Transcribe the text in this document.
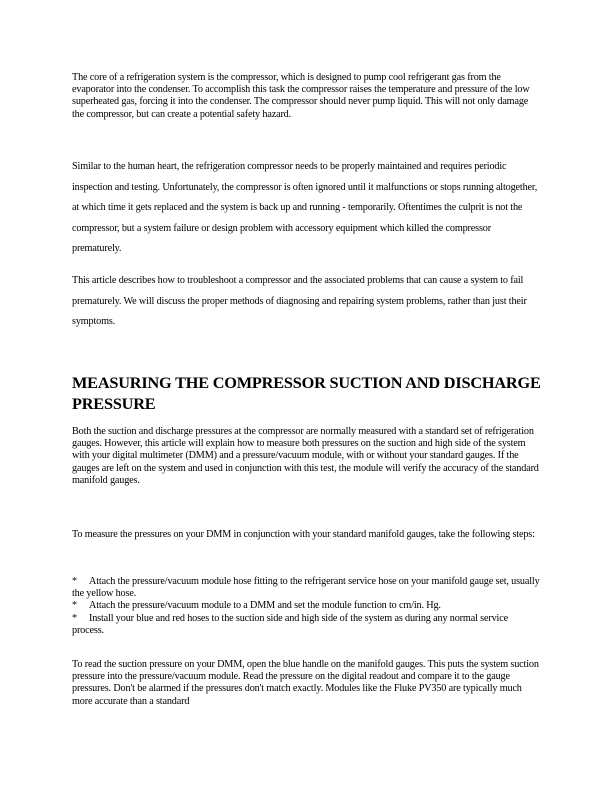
The core of a refrigeration system is the compressor, which is designed to pump cool refrigerant gas from the evaporator into the condenser. To accomplish this task the compressor raises the temperature and pressure of the low superheated gas, forcing it into the condenser. The compressor should never pump liquid. This will not only damage the compressor, but can create a potential safety hazard.

Similar to the human heart, the refrigeration compressor needs to be properly maintained and requires periodic inspection and testing. Unfortunately, the compressor is often ignored until it malfunctions or stops running altogether, at which time it gets replaced and the system is back up and running - temporarily. Oftentimes the culprit is not the compressor, but a system failure or design problem with accessory equipment which killed the compressor prematurely.

This article describes how to troubleshoot a compressor and the associated problems that can cause a system to fail prematurely. We will discuss the proper methods of diagnosing and repairing system problems, rather than just their symptoms.

MEASURING THE COMPRESSOR SUCTION AND DISCHARGE PRESSURE

Both the suction and discharge pressures at the compressor are normally measured with a standard set of refrigeration gauges. However, this article will explain how to measure both pressures on the suction and high side of the system with your digital multimeter (DMM) and a pressure/vacuum module, with or without your standard gauges. If the gauges are left on the system and used in conjunction with this test, the module will verify the accuracy of the standard manifold gauges.

To measure the pressures on your DMM in conjunction with your standard manifold gauges, take the following steps:

* Attach the pressure/vacuum module hose fitting to the refrigerant service hose on your manifold gauge set, usually the yellow hose.
* Attach the pressure/vacuum module to a DMM and set the module function to cm/in. Hg.
* Install your blue and red hoses to the suction side and high side of the system as during any normal service process.

To read the suction pressure on your DMM, open the blue handle on the manifold gauges. This puts the system suction pressure into the pressure/vacuum module. Read the pressure on the digital readout and compare it to the gauge pressures. Don't be alarmed if the pressures don't match exactly. Modules like the Fluke PV350 are typically much more accurate than a standard
